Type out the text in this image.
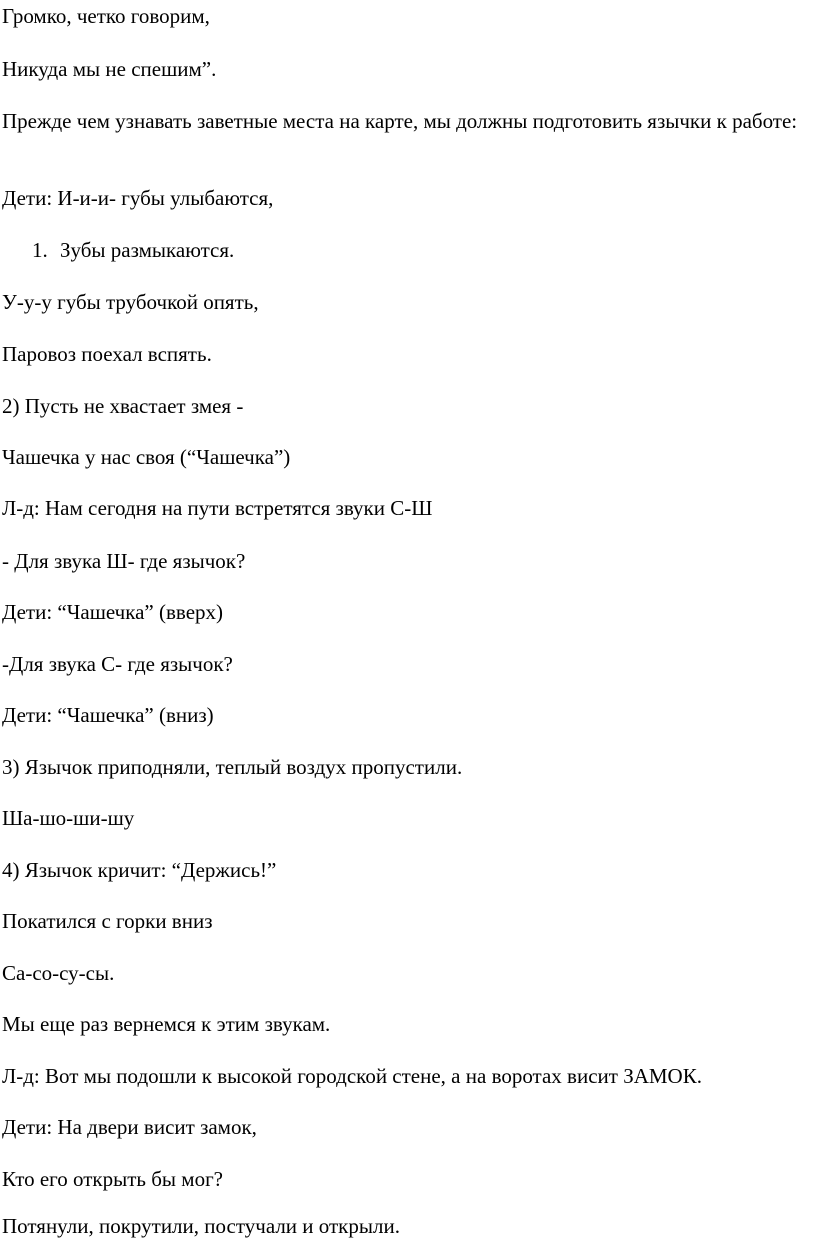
Громко, четко говорим,

Никуда мы не спешим”.

Прежде чем узнавать заветные места на карте, мы должны подготовить язычки к работе:

Дети: И-и-и- губы улыбаются,

1. Зубы размыкаются.

У-у-у губы трубочкой опять,

Паровоз поехал вспять.

2) Пусть не хвастает змея -

Чашечка у нас своя (“Чашечка”)

Л-д: Нам сегодня на пути встретятся звуки С-Ш

- Для звука Ш- где язычок?

Дети: “Чашечка” (вверх)

-Для звука С- где язычок?

Дети: “Чашечка” (вниз)

3) Язычок приподняли, теплый воздух пропустили.

Ша-шо-ши-шу

4) Язычок кричит: “Держись!”

Покатился с горки вниз

Са-со-су-сы.

Мы еще раз вернемся к этим звукам.

Л-д: Вот мы подошли к высокой городской стене, а на воротах висит ЗАМОК.

Дети: На двери висит замок,

Кто его открыть бы мог?

Потянули, покрутили, постучали и открыли.
